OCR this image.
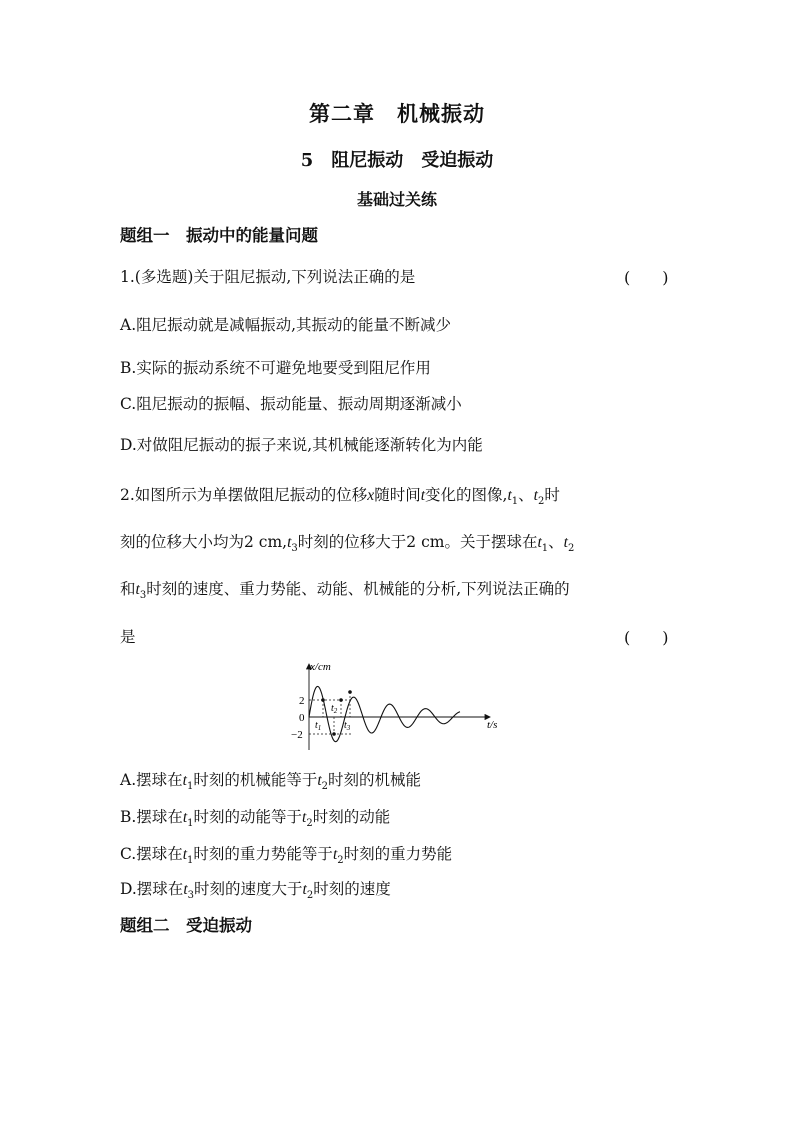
第二章　机械振动
5　阻尼振动　受迫振动
基础过关练
题组一　振动中的能量问题
1.(多选题)关于阻尼振动,下列说法正确的是	(　　)
A.阻尼振动就是减幅振动,其振动的能量不断减少
B.实际的振动系统不可避免地要受到阻尼作用
C.阻尼振动的振幅、振动能量、振动周期逐渐减小
D.对做阻尼振动的振子来说,其机械能逐渐转化为内能
2.如图所示为单摆做阻尼振动的位移x随时间t变化的图像$,t_1$、$t_2$时
刻的位移大小均为2 $cm,t_3$时刻的位移大于2 cm。关于摆球在$t_1$、$t_2$
和$t_3$时刻的速度、重力势能、动能、机械能的分析,下列说法正确的
是	(　　)
x/cm
t/s
2
0
−2
$t_1$
$t_2$
$t_3$
A.摆球在$t_1$时刻的机械能等于$t_2$时刻的机械能
B.摆球在$t_1$时刻的动能等于$t_2$时刻的动能
C.摆球在$t_1$时刻的重力势能等于$t_2$时刻的重力势能
D.摆球在$t_3$时刻的速度大于$t_2$时刻的速度
题组二　受迫振动
